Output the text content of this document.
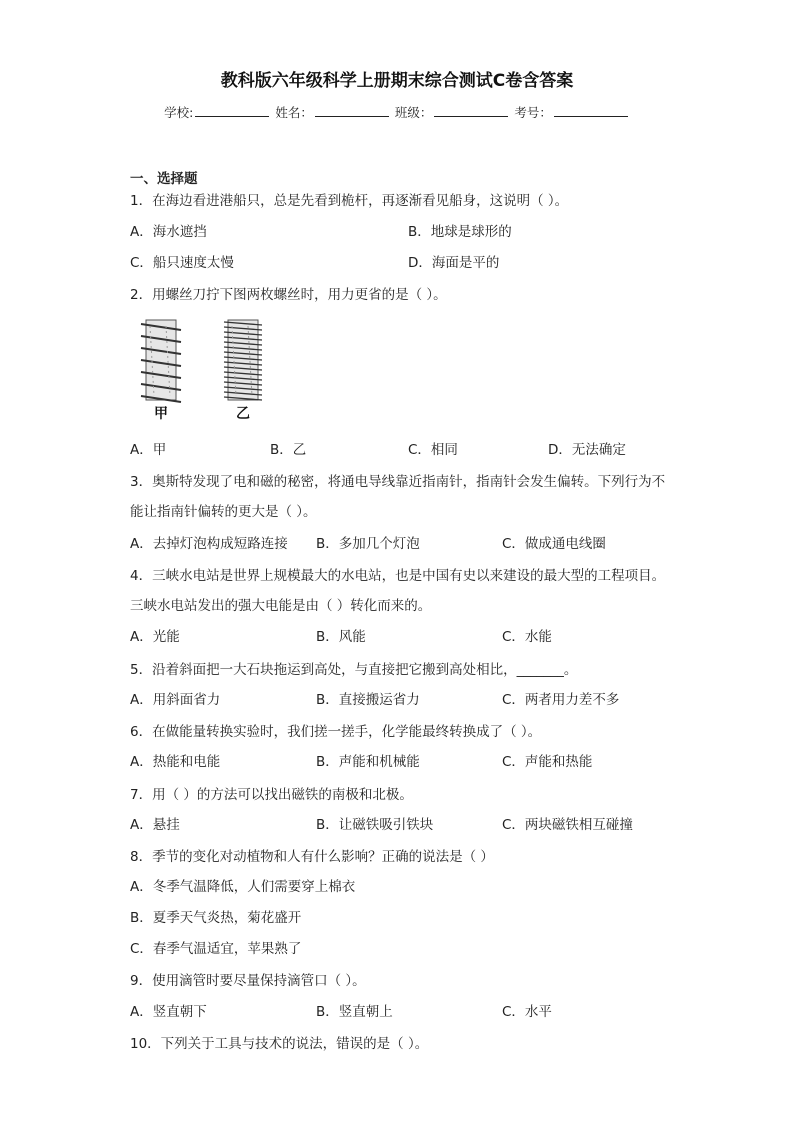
教科版六年级科学上册期末综合测试C卷含答案
学校:	姓名：	班级：	考号：
一、选择题
1．在海边看进港船只，总是先看到桅杆，再逐渐看见船身，这说明（ ）。
A．海水遮挡	B．地球是球形的
C．船只速度太慢	D．海面是平的
2．用螺丝刀拧下图两枚螺丝时，用力更省的是（ ）。
甲	乙
A．甲	B．乙	C．相同	D．无法确定
3．奥斯特发现了电和磁的秘密，将通电导线靠近指南针，指南针会发生偏转。下列行为不能让指南针偏转的更大是（ ）。
A．去掉灯泡构成短路连接 B．多加几个灯泡	C．做成通电线圈
4．三峡水电站是世界上规模最大的水电站，也是中国有史以来建设的最大型的工程项目。三峡水电站发出的强大电能是由（ ）转化而来的。
A．光能	B．风能	C．水能
5．沿着斜面把一大石块拖运到高处，与直接把它搬到高处相比，_______。
A．用斜面省力	B．直接搬运省力	C．两者用力差不多
6．在做能量转换实验时，我们搓一搓手，化学能最终转换成了（ ）。
A．热能和电能	B．声能和机械能	C．声能和热能
7．用（ ）的方法可以找出磁铁的南极和北极。
A．悬挂	B．让磁铁吸引铁块	C．两块磁铁相互碰撞
8．季节的变化对动植物和人有什么影响？正确的说法是（ ）
A．冬季气温降低，人们需要穿上棉衣
B．夏季天气炎热，菊花盛开
C．春季气温适宜，苹果熟了
9．使用滴管时要尽量保持滴管口（ ）。
A．竖直朝下	B．竖直朝上	C．水平
10．下列关于工具与技术的说法，错误的是（ ）。
